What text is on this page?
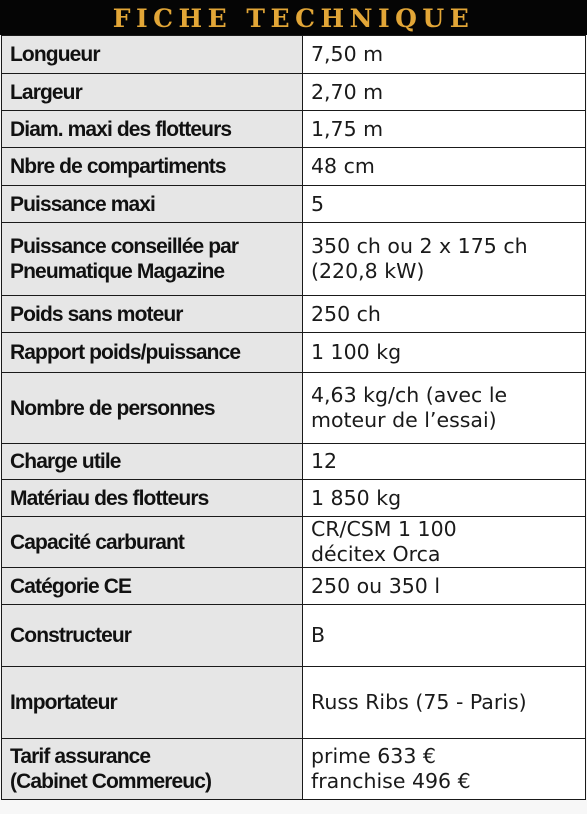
FICHE TECHNIQUE
Longueur	7,50 m

Largeur	2,70 m

Diam. maxi des flotteurs	1,75 m

Nbre de compartiments	48 cm

Puissance maxi	5

Puissance conseillée par
Pneumatique Magazine	350 ch ou 2 x 175 ch
(220,8 kW)

Poids sans moteur	250 ch

Rapport poids/puissance	1 100 kg

Nombre de personnes	4,63 kg/ch (avec le
moteur de l’essai)

Charge utile	12

Matériau des flotteurs	1 850 kg

Capacité carburant	CR/CSM 1 100
décitex Orca

Catégorie CE	250 ou 350 l

Constructeur	B

Importateur	Russ Ribs (75 - Paris)

Tarif assurance
(Cabinet Commereuc)	prime 633 €
franchise 496 €
